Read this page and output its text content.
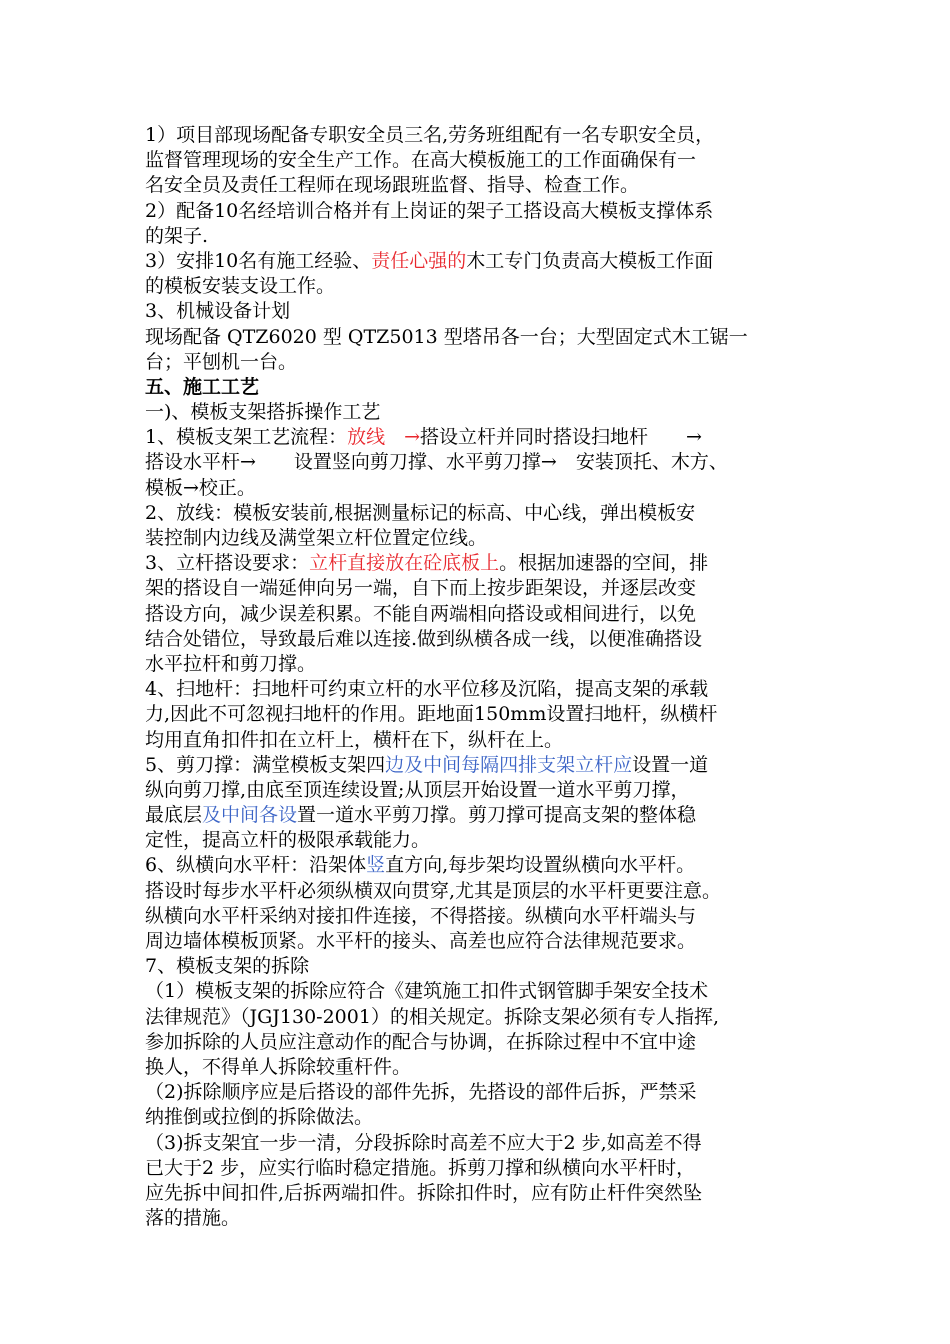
1）项目部现场配备专职安全员三名,劳务班组配有一名专职安全员，
监督管理现场的安全生产工作。在高大模板施工的工作面确保有一
名安全员及责任工程师在现场跟班监督、指导、检查工作。
2）配备10名经培训合格并有上岗证的架子工搭设高大模板支撑体系
的架子.
3）安排10名有施工经验、责任心强的木工专门负责高大模板工作面
的模板安装支设工作。
3、机械设备计划
现场配备 QTZ6020 型 QTZ5013 型塔吊各一台；大型固定式木工锯一
台；平刨机一台。
五、施工工艺
一)、模板支架搭拆操作工艺
1、模板支架工艺流程：放线　→搭设立杆并同时搭设扫地杆　　→
搭设水平杆→　　设置竖向剪刀撑、水平剪刀撑→　安装顶托、木方、
模板→校正。
2、放线：模板安装前,根据测量标记的标高、中心线，弹出模板安
装控制内边线及满堂架立杆位置定位线。
3、立杆搭设要求：立杆直接放在砼底板上。根据加速器的空间，排
架的搭设自一端延伸向另一端，自下而上按步距架设，并逐层改变
搭设方向，减少误差积累。不能自两端相向搭设或相间进行，以免
结合处错位，导致最后难以连接.做到纵横各成一线，以便准确搭设
水平拉杆和剪刀撑。
4、扫地杆：扫地杆可约束立杆的水平位移及沉陷，提高支架的承载
力,因此不可忽视扫地杆的作用。距地面150mm设置扫地杆，纵横杆
均用直角扣件扣在立杆上，横杆在下，纵杆在上。
5、剪刀撑：满堂模板支架四边及中间每隔四排支架立杆应设置一道
纵向剪刀撑,由底至顶连续设置;从顶层开始设置一道水平剪刀撑，
最底层及中间各设置一道水平剪刀撑。剪刀撑可提高支架的整体稳
定性，提高立杆的极限承载能力。
6、纵横向水平杆：沿架体竖直方向,每步架均设置纵横向水平杆。
搭设时每步水平杆必须纵横双向贯穿,尤其是顶层的水平杆更要注意。
纵横向水平杆采纳对接扣件连接，不得搭接。纵横向水平杆端头与
周边墙体模板顶紧。水平杆的接头、高差也应符合法律规范要求。
7、模板支架的拆除
（1）模板支架的拆除应符合《建筑施工扣件式钢管脚手架安全技术
法律规范》（JGJ130-2001）的相关规定。拆除支架必须有专人指挥,
参加拆除的人员应注意动作的配合与协调，在拆除过程中不宜中途
换人，不得单人拆除较重杆件。
（2)拆除顺序应是后搭设的部件先拆，先搭设的部件后拆，严禁采
纳推倒或拉倒的拆除做法。
（3)拆支架宜一步一清，分段拆除时高差不应大于2 步,如高差不得
已大于2 步，应实行临时稳定措施。拆剪刀撑和纵横向水平杆时，
应先拆中间扣件,后拆两端扣件。拆除扣件时，应有防止杆件突然坠
落的措施。
